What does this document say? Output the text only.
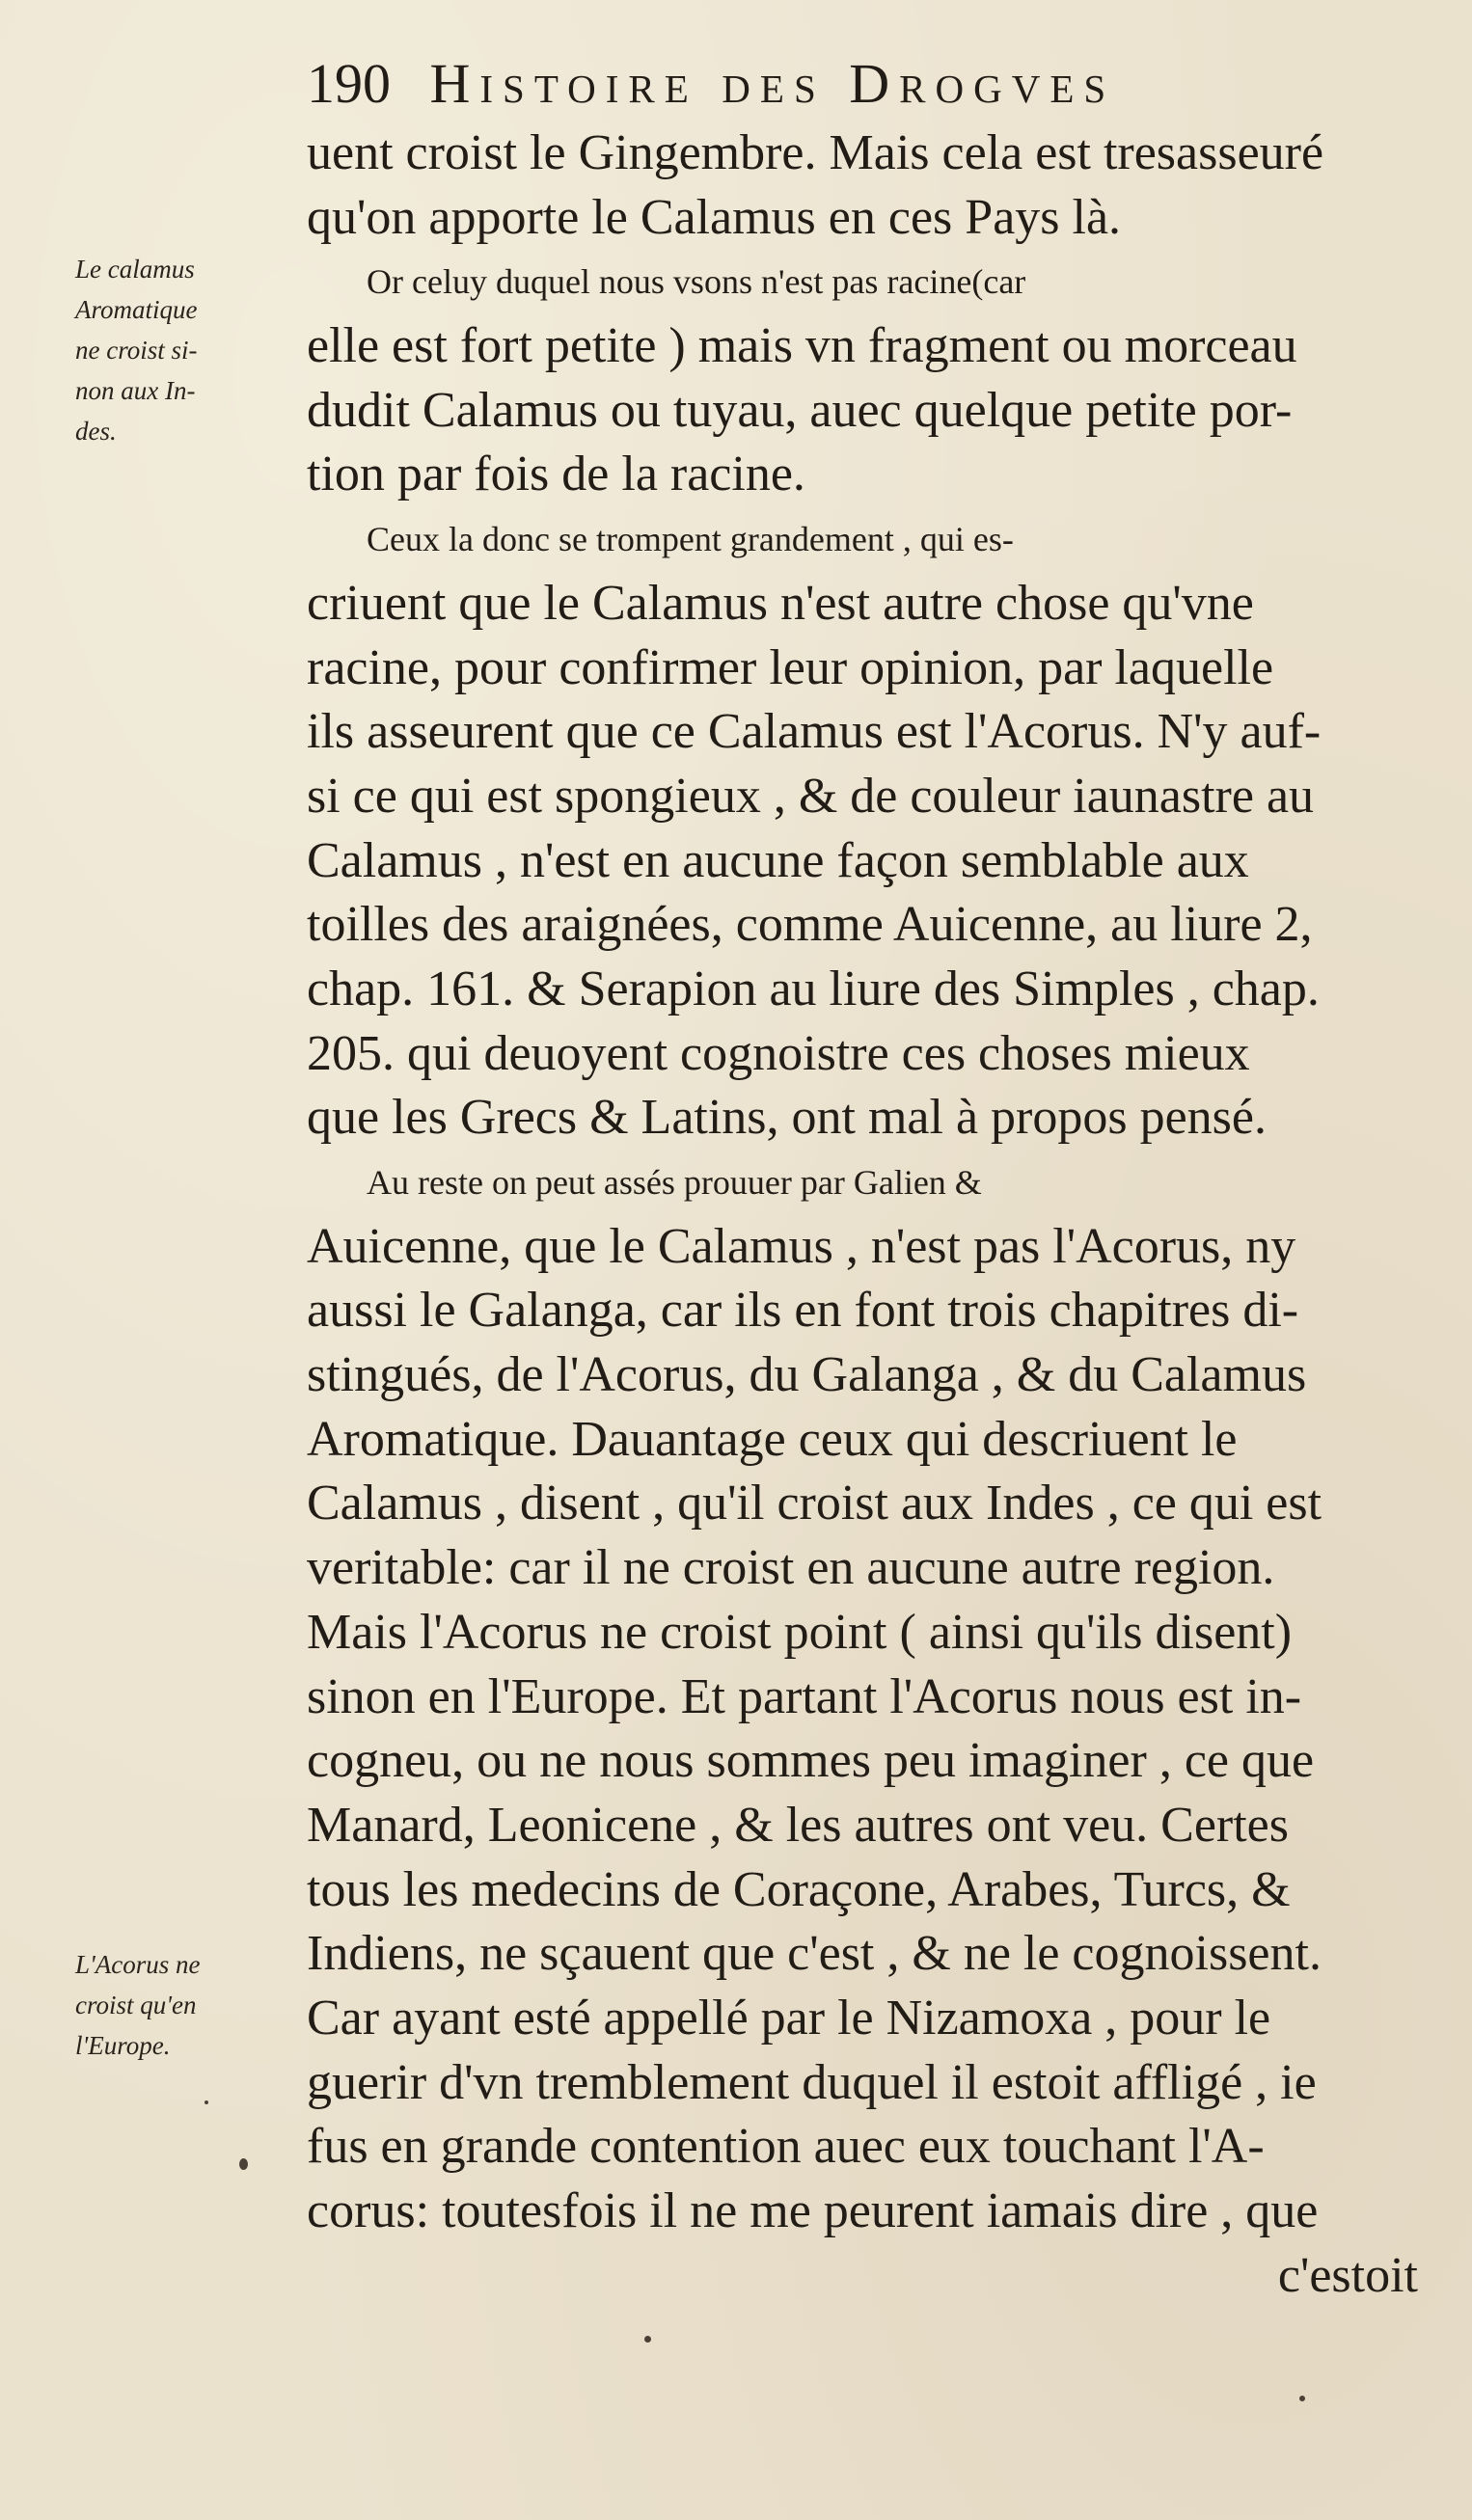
190 Histoire des Drogves
Le calamus
Aromatique
ne croist si-
non aux In-
des.
L'Acorus ne
croist qu'en
l'Europe.
uent croist le Gingembre. Mais cela est tresasseuré
qu'on apporte le Calamus en ces Pays là.
Or celuy duquel nous vsons n'est pas racine(car
elle est fort petite ) mais vn fragment ou morceau
dudit Calamus ou tuyau, auec quelque petite por-
tion par fois de la racine.
Ceux la donc se trompent grandement , qui es-
criuent que le Calamus n'est autre chose qu'vne
racine, pour confirmer leur opinion, par laquelle
ils asseurent que ce Calamus est l'Acorus. N'y auf-
si ce qui est spongieux , & de couleur iaunastre au
Calamus , n'est en aucune façon semblable aux
toilles des araignées, comme Auicenne, au liure 2,
chap. 161. & Serapion au liure des Simples , chap.
205. qui deuoyent cognoistre ces choses mieux
que les Grecs & Latins, ont mal à propos pensé.
Au reste on peut assés prouuer par Galien &
Auicenne, que le Calamus , n'est pas l'Acorus, ny
aussi le Galanga, car ils en font trois chapitres di-
stingués, de l'Acorus, du Galanga , & du Calamus
Aromatique. Dauantage ceux qui descriuent le
Calamus , disent , qu'il croist aux Indes , ce qui est
veritable: car il ne croist en aucune autre region.
Mais l'Acorus ne croist point ( ainsi qu'ils disent)
sinon en l'Europe. Et partant l'Acorus nous est in-
cogneu, ou ne nous sommes peu imaginer , ce que
Manard, Leonicene , & les autres ont veu. Certes
tous les medecins de Coraçone, Arabes, Turcs, &
Indiens, ne sçauent que c'est , & ne le cognoissent.
Car ayant esté appellé par le Nizamoxa , pour le
guerir d'vn tremblement duquel il estoit affligé , ie
fus en grande contention auec eux touchant l'A-
corus: toutesfois il ne me peurent iamais dire , que
c'estoit
